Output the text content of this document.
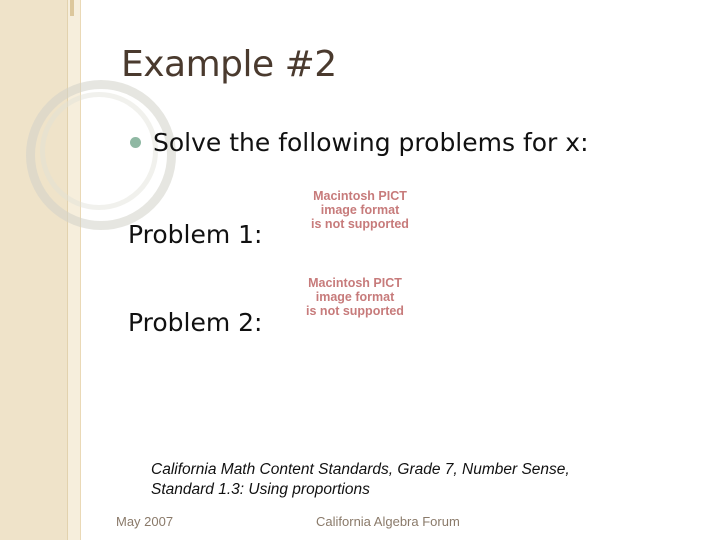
Example #2
Solve the following problems for x:
Problem 1:
Macintosh PICT
image format
is not supported
Problem 2:
Macintosh PICT
image format
is not supported
California Math Content Standards, Grade 7, Number Sense,
Standard 1.3: Using proportions
May 2007	California Algebra Forum
